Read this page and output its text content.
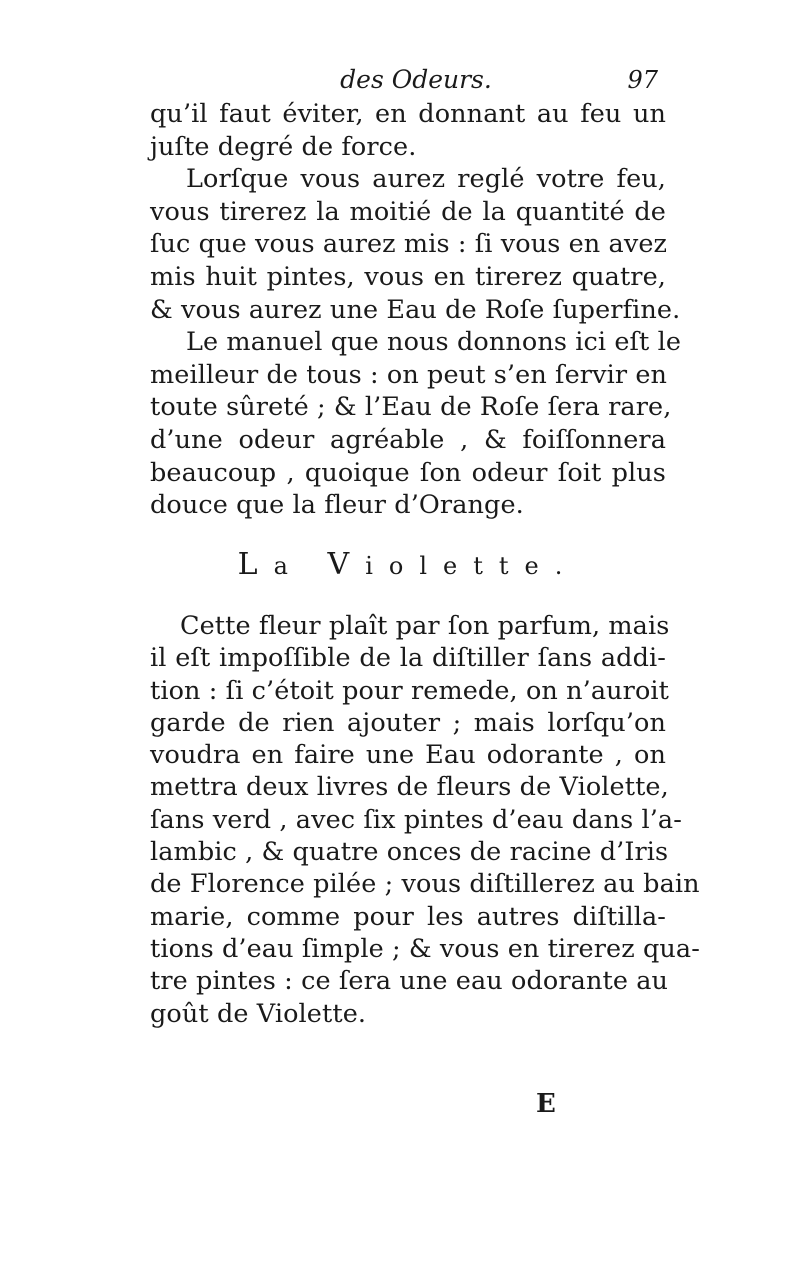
des Odeurs.	97
qu’il faut éviter, en donnant au feu un
juſte degré de force.
Lorſque vous aurez reglé votre feu,
vous tirerez la moitié de la quantité de
ſuc que vous aurez mis : ſi vous en avez
mis huit pintes, vous en tirerez quatre,
& vous aurez une Eau de Roſe ſuperfine.
Le manuel que nous donnons ici eſt le
meilleur de tous : on peut s’en ſervir en
toute sûreté ; & l’Eau de Roſe ſera rare,
d’une odeur agréable , & foiſſonnera
beaucoup , quoique ſon odeur ſoit plus
douce que la fleur d’Orange.
La Violette.
Cette fleur plaît par ſon parfum, mais
il eſt impoſſible de la diſtiller ſans addi-
tion : ſi c’étoit pour remede, on n’auroit
garde de rien ajouter ; mais lorſqu’on
voudra en faire une Eau odorante , on
mettra deux livres de fleurs de Violette,
ſans verd , avec ſix pintes d’eau dans l’a-
lambic , & quatre onces de racine d’Iris
de Florence pilée ; vous diſtillerez au bain
marie, comme pour les autres diſtilla-
tions d’eau ſimple ; & vous en tirerez qua-
tre pintes : ce ſera une eau odorante au
goût de Violette.
E
